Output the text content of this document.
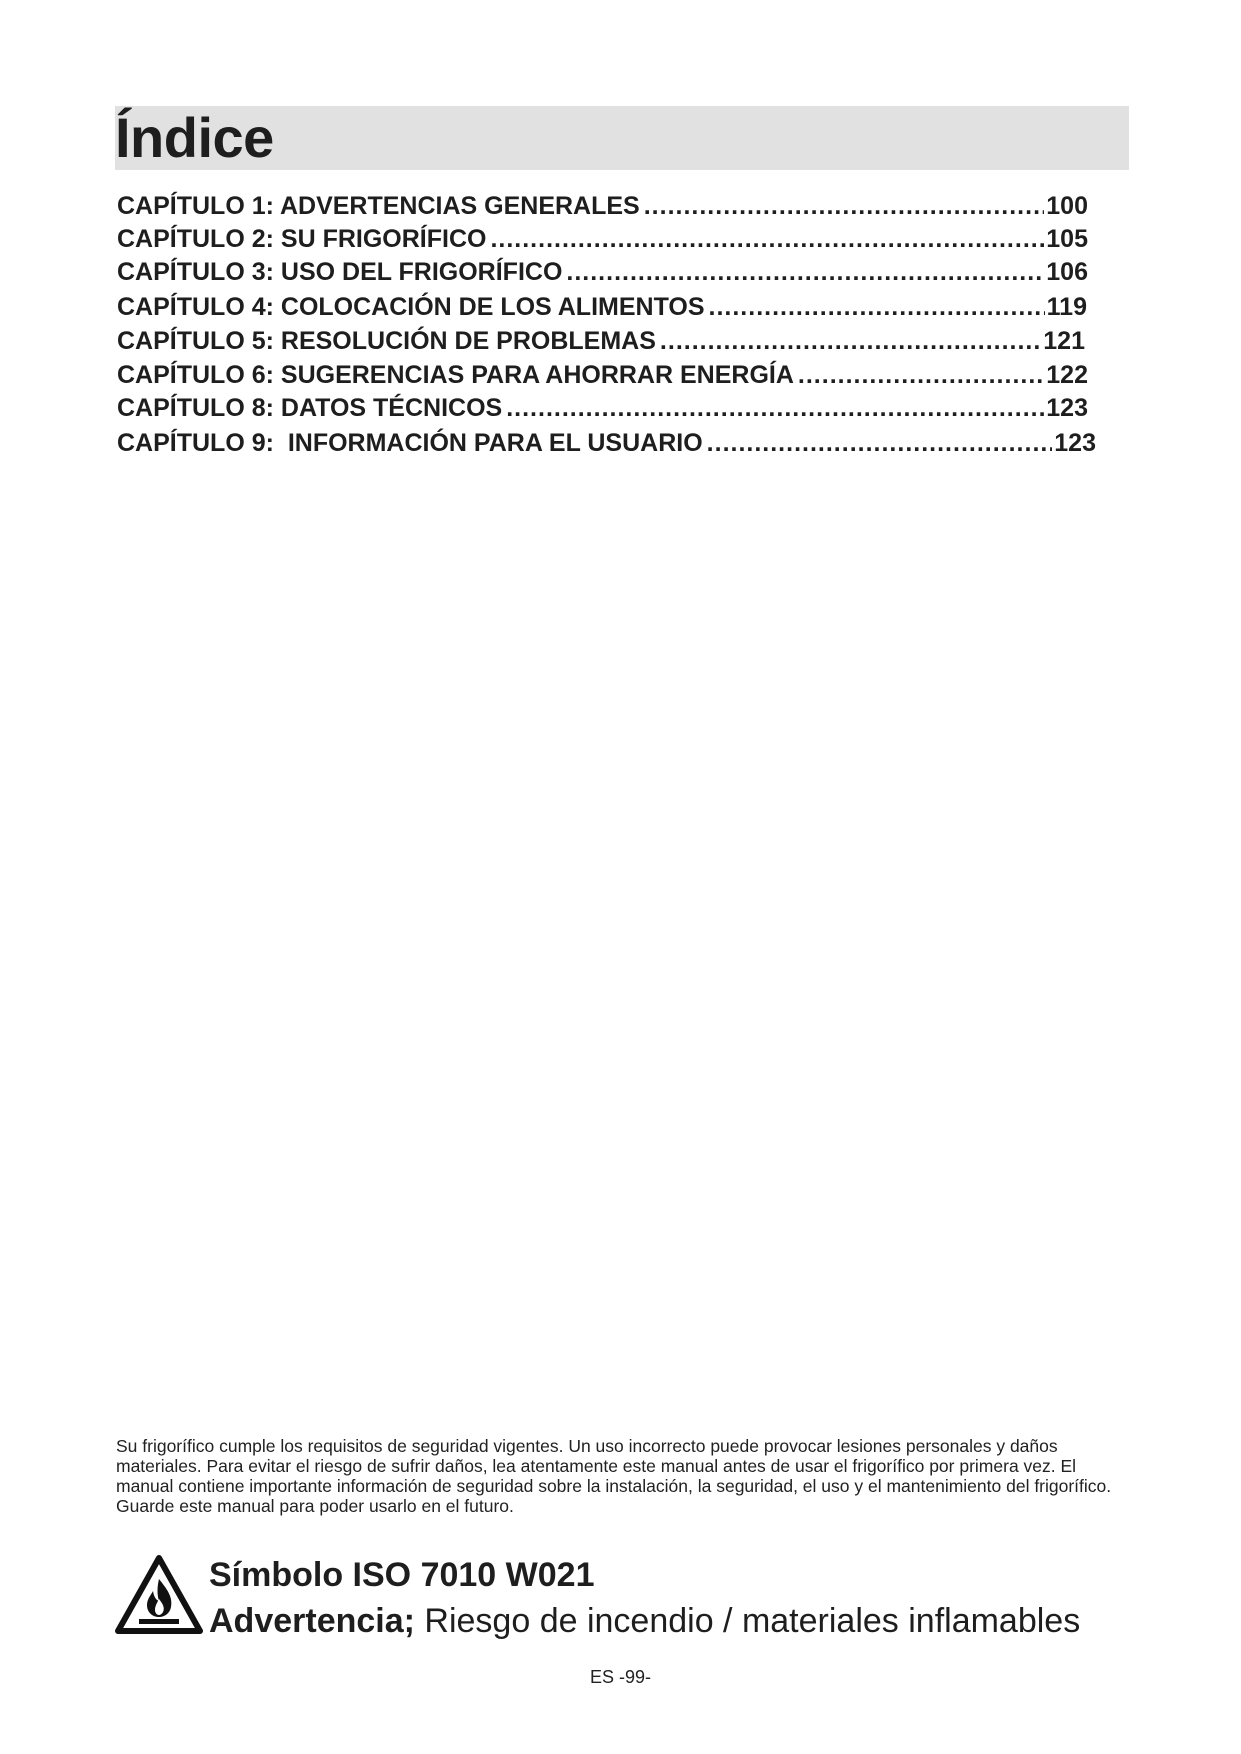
Índice
CAPÍTULO 1: ADVERTENCIAS GENERALES .....	100
CAPÍTULO 2: SU FRIGORÍFICO .....	105
CAPÍTULO 3: USO DEL FRIGORÍFICO .....	106
CAPÍTULO 4: COLOCACIÓN DE LOS ALIMENTOS .....	119
CAPÍTULO 5: RESOLUCIÓN DE PROBLEMAS .....	121
CAPÍTULO 6: SUGERENCIAS PARA AHORRAR ENERGÍA .....	122
CAPÍTULO 8: DATOS TÉCNICOS .....	123
CAPÍTULO 9:  INFORMACIÓN PARA EL USUARIO .....	123

Su frigorífico cumple los requisitos de seguridad vigentes. Un uso incorrecto puede provocar lesiones personales y daños materiales. Para evitar el riesgo de sufrir daños, lea atentamente este manual antes de usar el frigorífico por primera vez. El manual contiene importante información de seguridad sobre la instalación, la seguridad, el uso y el mantenimiento del frigorífico. Guarde este manual para poder usarlo en el futuro.

Símbolo ISO 7010 W021

Advertencia; Riesgo de incendio / materiales inflamables

ES -99-
